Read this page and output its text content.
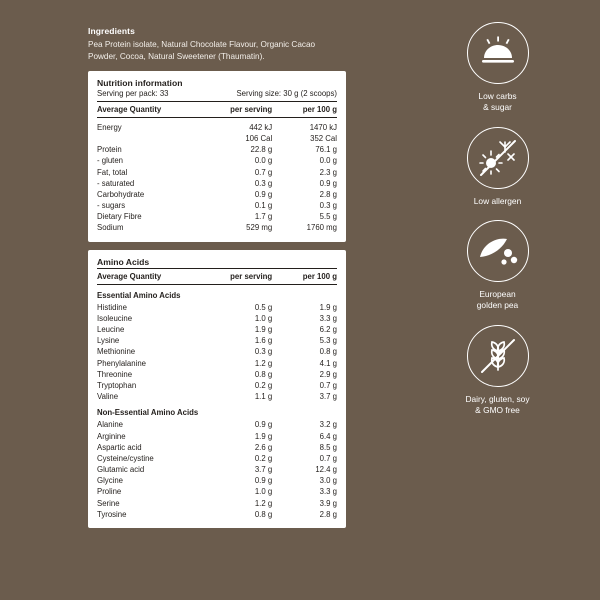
Ingredients
Pea Protein isolate, Natural Chocolate Flavour, Organic Cacao Powder, Cocoa, Natural Sweetener (Thaumatin).
Nutrition information
Serving per pack: 33	Serving size: 30 g (2 scoops)
Average Quantity	per serving	per 100 g
Energy	442 kJ	1470 kJ
	106 Cal	352 Cal
Protein	22.8 g	76.1 g
- gluten	0.0 g	0.0 g
Fat, total	0.7 g	2.3 g
- saturated	0.3 g	0.9 g
Carbohydrate	0.9 g	2.8 g
- sugars	0.1 g	0.3 g
Dietary Fibre	1.7 g	5.5 g
Sodium	529 mg	1760 mg
Amino Acids
Average Quantity	per serving	per 100 g
Essential Amino Acids		
Histidine	0.5 g	1.9 g
Isoleucine	1.0 g	3.3 g
Leucine	1.9 g	6.2 g
Lysine	1.6 g	5.3 g
Methionine	0.3 g	0.8 g
Phenylalanine	1.2 g	4.1 g
Threonine	0.8 g	2.9 g
Tryptophan	0.2 g	0.7 g
Valine	1.1 g	3.7 g
Non-Essential Amino Acids		
Alanine	0.9 g	3.2 g
Arginine	1.9 g	6.4 g
Aspartic acid	2.6 g	8.5 g
Cysteine/cystine	0.2 g	0.7 g
Glutamic acid	3.7 g	12.4 g
Glycine	0.9 g	3.0 g
Proline	1.0 g	3.3 g
Serine	1.2 g	3.9 g
Tyrosine	0.8 g	2.8 g
Low carbs
& sugar
Low allergen
European
golden pea
Dairy, gluten, soy
& GMO free
